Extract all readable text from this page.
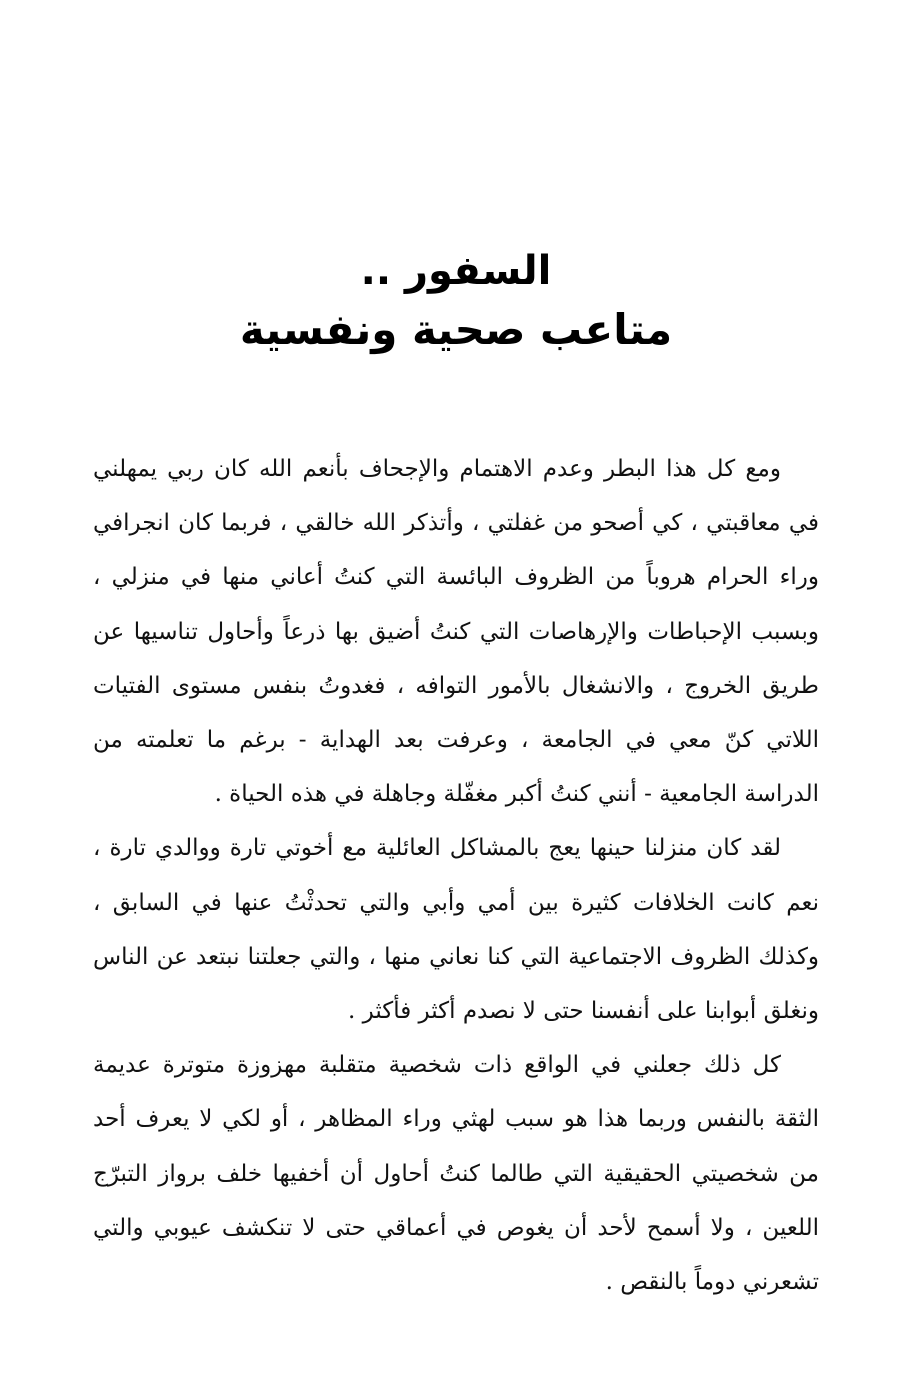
السفور ..
متاعب صحية ونفسية

ومع كل هذا البطر وعدم الاهتمام والإجحاف بأنعم الله كان ربي يمهلني في معاقبتي ، كي أصحو من غفلتي ، وأتذكر الله خالقي ، فربما كان انجرافي وراء الحرام هروباً من الظروف البائسة التي كنتُ أعاني منها في منزلي ، وبسبب الإحباطات والإرهاصات التي كنتُ أضيق بها ذرعاً وأحاول تناسيها عن طريق الخروج ، والانشغال بالأمور التوافه ، فغدوتُ بنفس مستوى الفتيات اللاتي كنّ معي في الجامعة ، وعرفت بعد الهداية - برغم ما تعلمته من الدراسة الجامعية - أنني كنتُ أكبر مغفّلة وجاهلة في هذه الحياة .

لقد كان منزلنا حينها يعج بالمشاكل العائلية مع أخوتي تارة ووالدي تارة ، نعم كانت الخلافات كثيرة بين أمي وأبي والتي تحدثْتُ عنها في السابق ، وكذلك الظروف الاجتماعية التي كنا نعاني منها ، والتي جعلتنا نبتعد عن الناس ونغلق أبوابنا على أنفسنا حتى لا نصدم أكثر فأكثر .

كل ذلك جعلني في الواقع ذات شخصية متقلبة مهزوزة متوترة عديمة الثقة بالنفس وربما هذا هو سبب لهثي وراء المظاهر ، أو لكي لا يعرف أحد من شخصيتي الحقيقية التي طالما كنتُ أحاول أن أخفيها خلف برواز التبرّج اللعين ، ولا أسمح لأحد أن يغوص في أعماقي حتى لا تنكشف عيوبي والتي تشعرني دوماً بالنقص .
